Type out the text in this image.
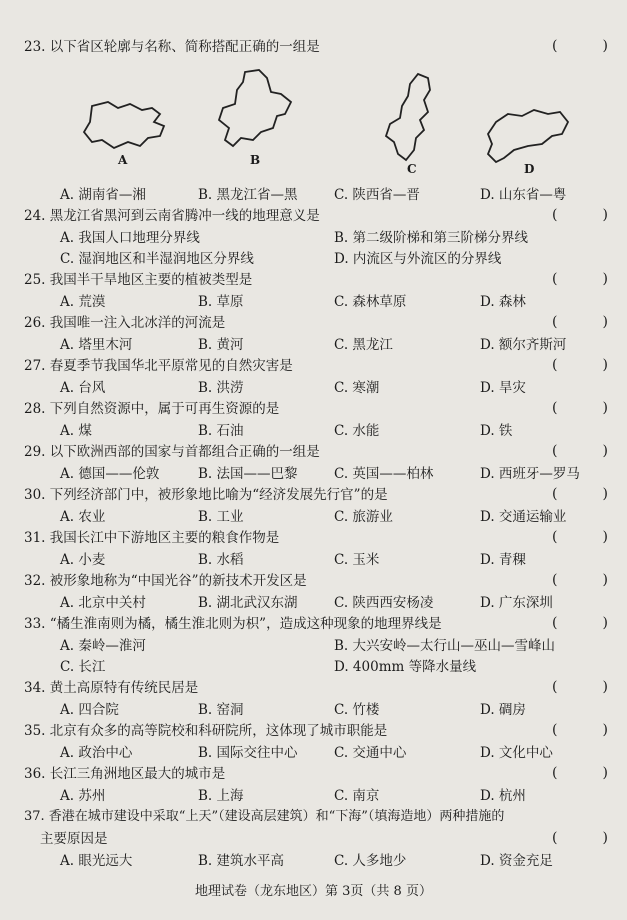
23. 以下省区轮廓与名称、简称搭配正确的一组是	(	)
A	B
C	D
A. 湖南省—湘	B. 黑龙江省—黑	C. 陕西省—晋	D. 山东省—粤
24. 黑龙江省黑河到云南省腾冲一线的地理意义是	(	)
A. 我国人口地理分界线	B. 第二级阶梯和第三阶梯分界线
C. 湿润地区和半湿润地区分界线	D. 内流区与外流区的分界线
25. 我国半干旱地区主要的植被类型是	(	)
A. 荒漠	B. 草原	C. 森林草原	D. 森林
26. 我国唯一注入北冰洋的河流是	(	)
A. 塔里木河	B. 黄河	C. 黑龙江	D. 额尔齐斯河
27. 春夏季节我国华北平原常见的自然灾害是	(	)
A. 台风	B. 洪涝	C. 寒潮	D. 旱灾
28. 下列自然资源中，属于可再生资源的是	(	)
A. 煤	B. 石油	C. 水能	D. 铁
29. 以下欧洲西部的国家与首都组合正确的一组是	(	)
A. 德国——伦敦	B. 法国——巴黎	C. 英国——柏林	D. 西班牙—罗马
30. 下列经济部门中，被形象地比喻为“经济发展先行官”的是	(	)
A. 农业	B. 工业	C. 旅游业	D. 交通运输业
31. 我国长江中下游地区主要的粮食作物是	(	)
A. 小麦	B. 水稻	C. 玉米	D. 青稞
32. 被形象地称为“中国光谷”的新技术开发区是	(	)
A. 北京中关村	B. 湖北武汉东湖	C. 陕西西安杨凌	D. 广东深圳
33. “橘生淮南则为橘，橘生淮北则为枳”，造成这种现象的地理界线是	(	)
A. 秦岭—淮河	B. 大兴安岭—太行山—巫山—雪峰山
C. 长江	D. 400mm 等降水量线
34. 黄土高原特有传统民居是	(	)
A. 四合院	B. 窑洞	C. 竹楼	D. 碉房
35. 北京有众多的高等院校和科研院所，这体现了城市职能是	(	)
A. 政治中心	B. 国际交往中心	C. 交通中心	D. 文化中心
36. 长江三角洲地区最大的城市是	(	)
A. 苏州	B. 上海	C. 南京	D. 杭州
37. 香港在城市建设中采取“上天”（建设高层建筑）和“下海”（填海造地）两种措施的
主要原因是	(	)
A. 眼光远大	B. 建筑水平高	C. 人多地少	D. 资金充足
地理试卷（龙东地区）第 3页（共 8 页）
